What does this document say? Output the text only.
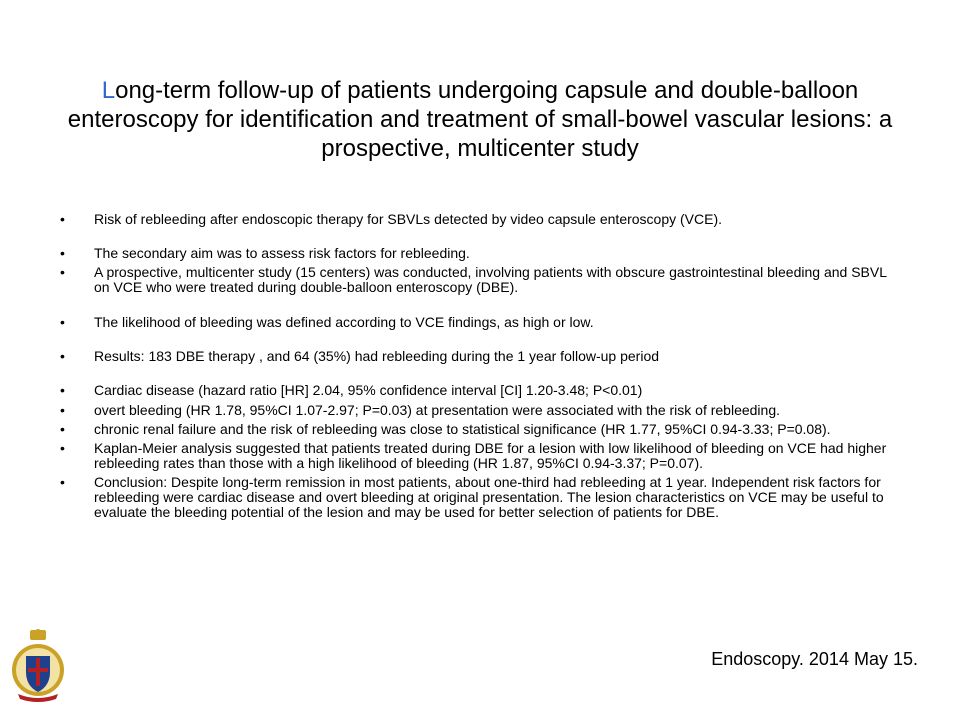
Long-term follow-up of patients undergoing capsule and double-balloon enteroscopy for identification and treatment of small-bowel vascular lesions: a prospective, multicenter study
• Risk of rebleeding after endoscopic therapy for SBVLs detected by video capsule enteroscopy (VCE).
• The secondary aim was to assess risk factors for rebleeding.
• A prospective, multicenter study (15 centers) was conducted, involving patients with obscure gastrointestinal bleeding and SBVL on VCE who were treated during double-balloon enteroscopy (DBE).
• The likelihood of bleeding was defined according to VCE findings, as high or low.
• Results: 183 DBE therapy , and 64 (35%) had rebleeding during the 1 year follow-up period
• Cardiac disease (hazard ratio [HR] 2.04, 95% confidence interval [CI] 1.20-3.48; P<0.01)
• overt bleeding (HR 1.78, 95%CI 1.07-2.97; P=0.03) at presentation were associated with the risk of rebleeding.
• chronic renal failure and the risk of rebleeding was close to statistical significance (HR 1.77, 95%CI 0.94-3.33; P=0.08).
• Kaplan-Meier analysis suggested that patients treated during DBE for a lesion with low likelihood of bleeding on VCE had higher rebleeding rates than those with a high likelihood of bleeding (HR 1.87, 95%CI 0.94-3.37; P=0.07).
• Conclusion: Despite long-term remission in most patients, about one-third had rebleeding at 1 year. Independent risk factors for rebleeding were cardiac disease and overt bleeding at original presentation. The lesion characteristics on VCE may be useful to evaluate the bleeding potential of the lesion and may be used for better selection of patients for DBE.
Endoscopy. 2014 May 15.
